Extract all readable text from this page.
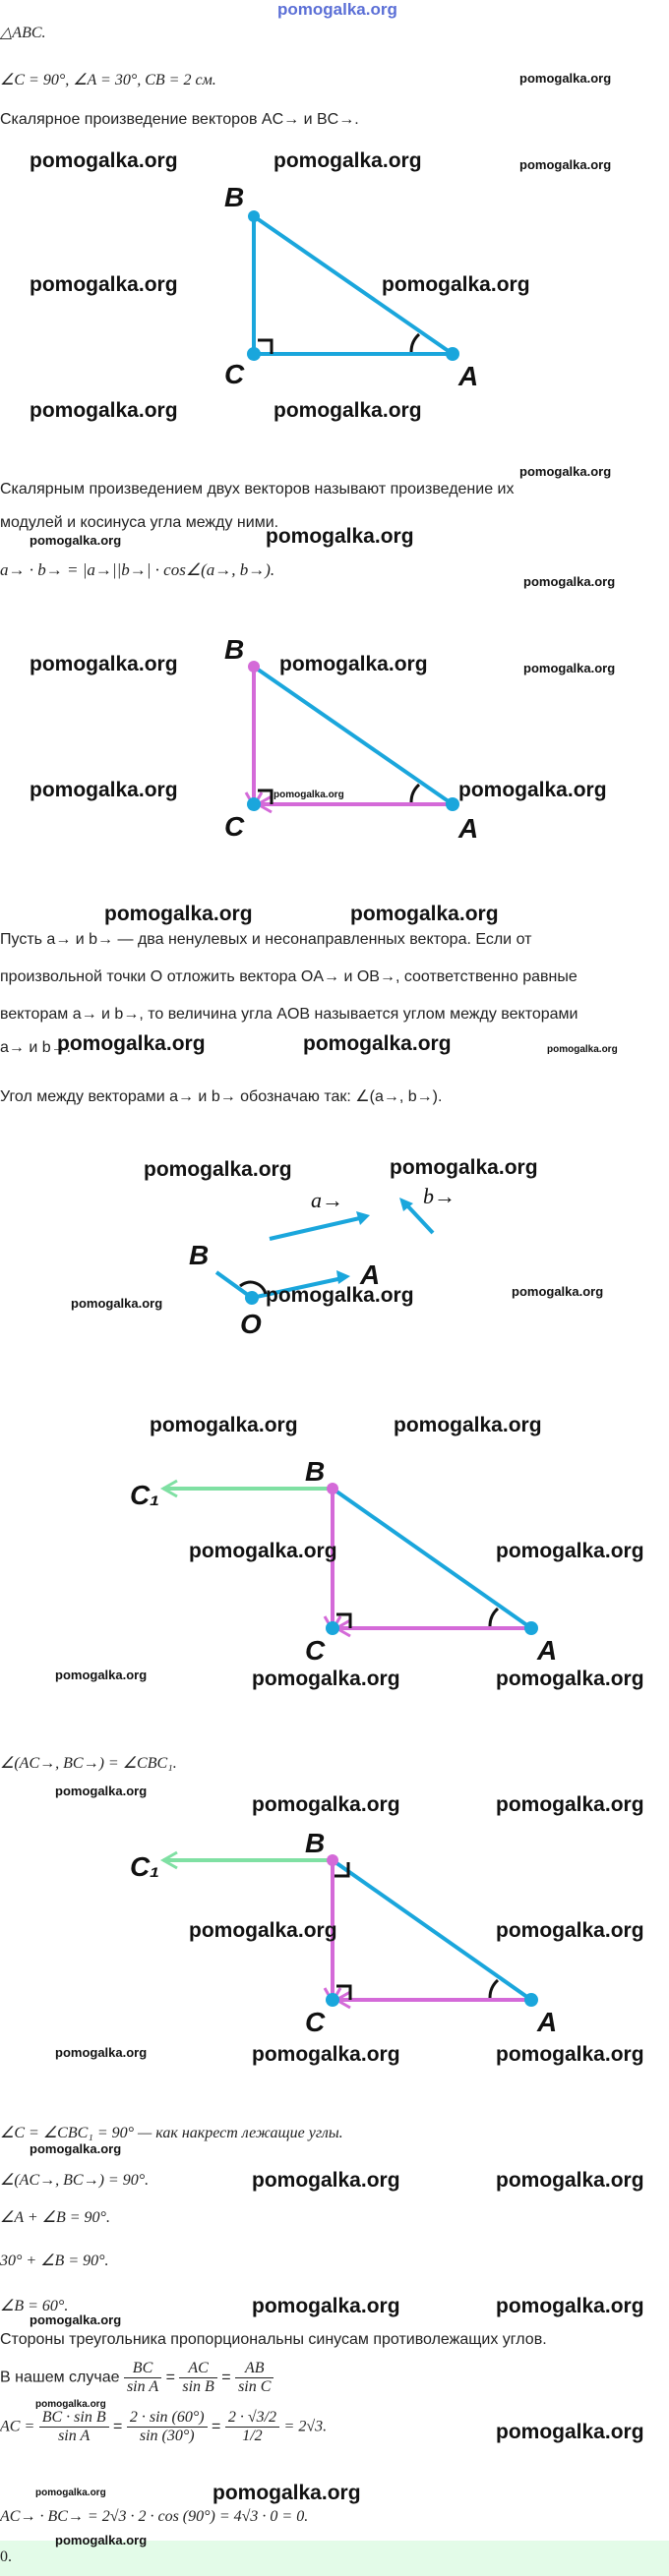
pomogalka.org
△ABC.
∠C = 90°, ∠A = 30°, CB = 2 см.
Скалярное произведение векторов AC→ и BC→.
B
C	A
Скалярным произведением двух векторов называют произведение их
модулей и косинуса угла между ними.
a→ · b→ = |a→||b→| · cos∠(a→, b→).
B
C	A
Пусть a→ и b→ — два ненулевых и несонаправленных вектора. Если от
произвольной точки O отложить вектора OA→ и OB→, соответственно равные
векторам a→ и b→, то величина угла AOB называется углом между векторами
a→ и b→.
Угол между векторами a→ и b→ обозначаю так: ∠(a→, b→).
a→	b→
B
A
O
B
C₁
C	A
∠(AC→, BC→) = ∠CBC₁.
B
C₁
C	A
∠C = ∠CBC₁ = 90° — как накрест лежащие углы.
∠(AC→, BC→) = 90°.
∠A + ∠B = 90°.
30° + ∠B = 90°.
∠B = 60°.
Стороны треугольника пропорциональны синусам противолежащих углов.
В нашем случае $\frac{BC}{\text{sin A}} = \frac{AC}{\text{sin B}} = \frac{AB}{\text{sin C}}$
AC = $\frac{\text{BC · sin B}}{\text{sin A}} = \frac{2 \cdot \sin (60^\circ)}{\sin (30^\circ)} = \frac{2 \cdot √3/2}{1/2} = 2√3$.
AC→ · BC→ = 2√3 · 2 · cos (90°) = 4√3 · 0 = 0.
0.
pomogalka.org
pomogalka.org	pomogalka.org	pomogalka.org
pomogalka.org	pomogalka.org
pomogalka.org	pomogalka.org
pomogalka.org
pomogalka.org	pomogalka.org
pomogalka.org
pomogalka.org	pomogalka.org	pomogalka.org
pomogalka.org	pomogalka.org	pomogalka.org
pomogalka.org	pomogalka.org
pomogalka.org	pomogalka.org	pomogalka.org
pomogalka.org	pomogalka.org
pomogalka.org	pomogalka.org	pomogalka.org
pomogalka.org	pomogalka.org
pomogalka.org	pomogalka.org
pomogalka.org	pomogalka.org	pomogalka.org
pomogalka.org
pomogalka.org	pomogalka.org
pomogalka.org	pomogalka.org
pomogalka.org	pomogalka.org	pomogalka.org
pomogalka.org
pomogalka.org	pomogalka.org
pomogalka.org
pomogalka.org	pomogalka.org
pomogalka.org
pomogalka.org
pomogalka.org	pomogalka.org
pomogalka.org
